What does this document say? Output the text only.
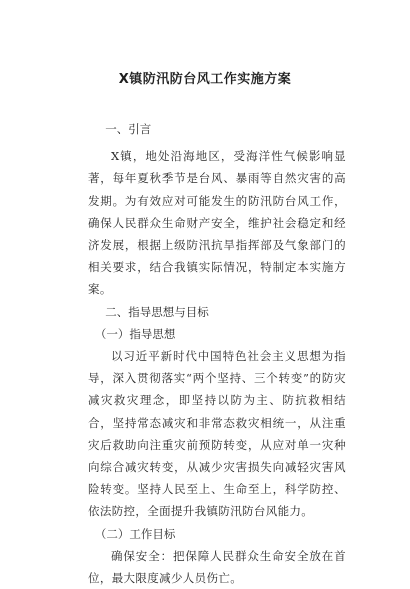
X镇防汛防台风工作实施方案

一、引言

X镇，地处沿海地区，受海洋性气候影响显著，每年夏秋季节是台风、暴雨等自然灾害的高发期。为有效应对可能发生的防汛防台风工作，确保人民群众生命财产安全，维护社会稳定和经济发展，根据上级防汛抗旱指挥部及气象部门的相关要求，结合我镇实际情况，特制定本实施方案。

二、指导思想与目标

（一）指导思想

以习近平新时代中国特色社会主义思想为指导，深入贯彻落实“两个坚持、三个转变”的防灾减灾救灾理念，即坚持以防为主、防抗救相结合，坚持常态减灾和非常态救灾相统一，从注重灾后救助向注重灾前预防转变，从应对单一灾种向综合减灾转变，从减少灾害损失向减轻灾害风险转变。坚持人民至上、生命至上，科学防控、依法防控，全面提升我镇防汛防台风能力。

（二）工作目标

确保安全：把保障人民群众生命安全放在首位，最大限度减少人员伤亡。
